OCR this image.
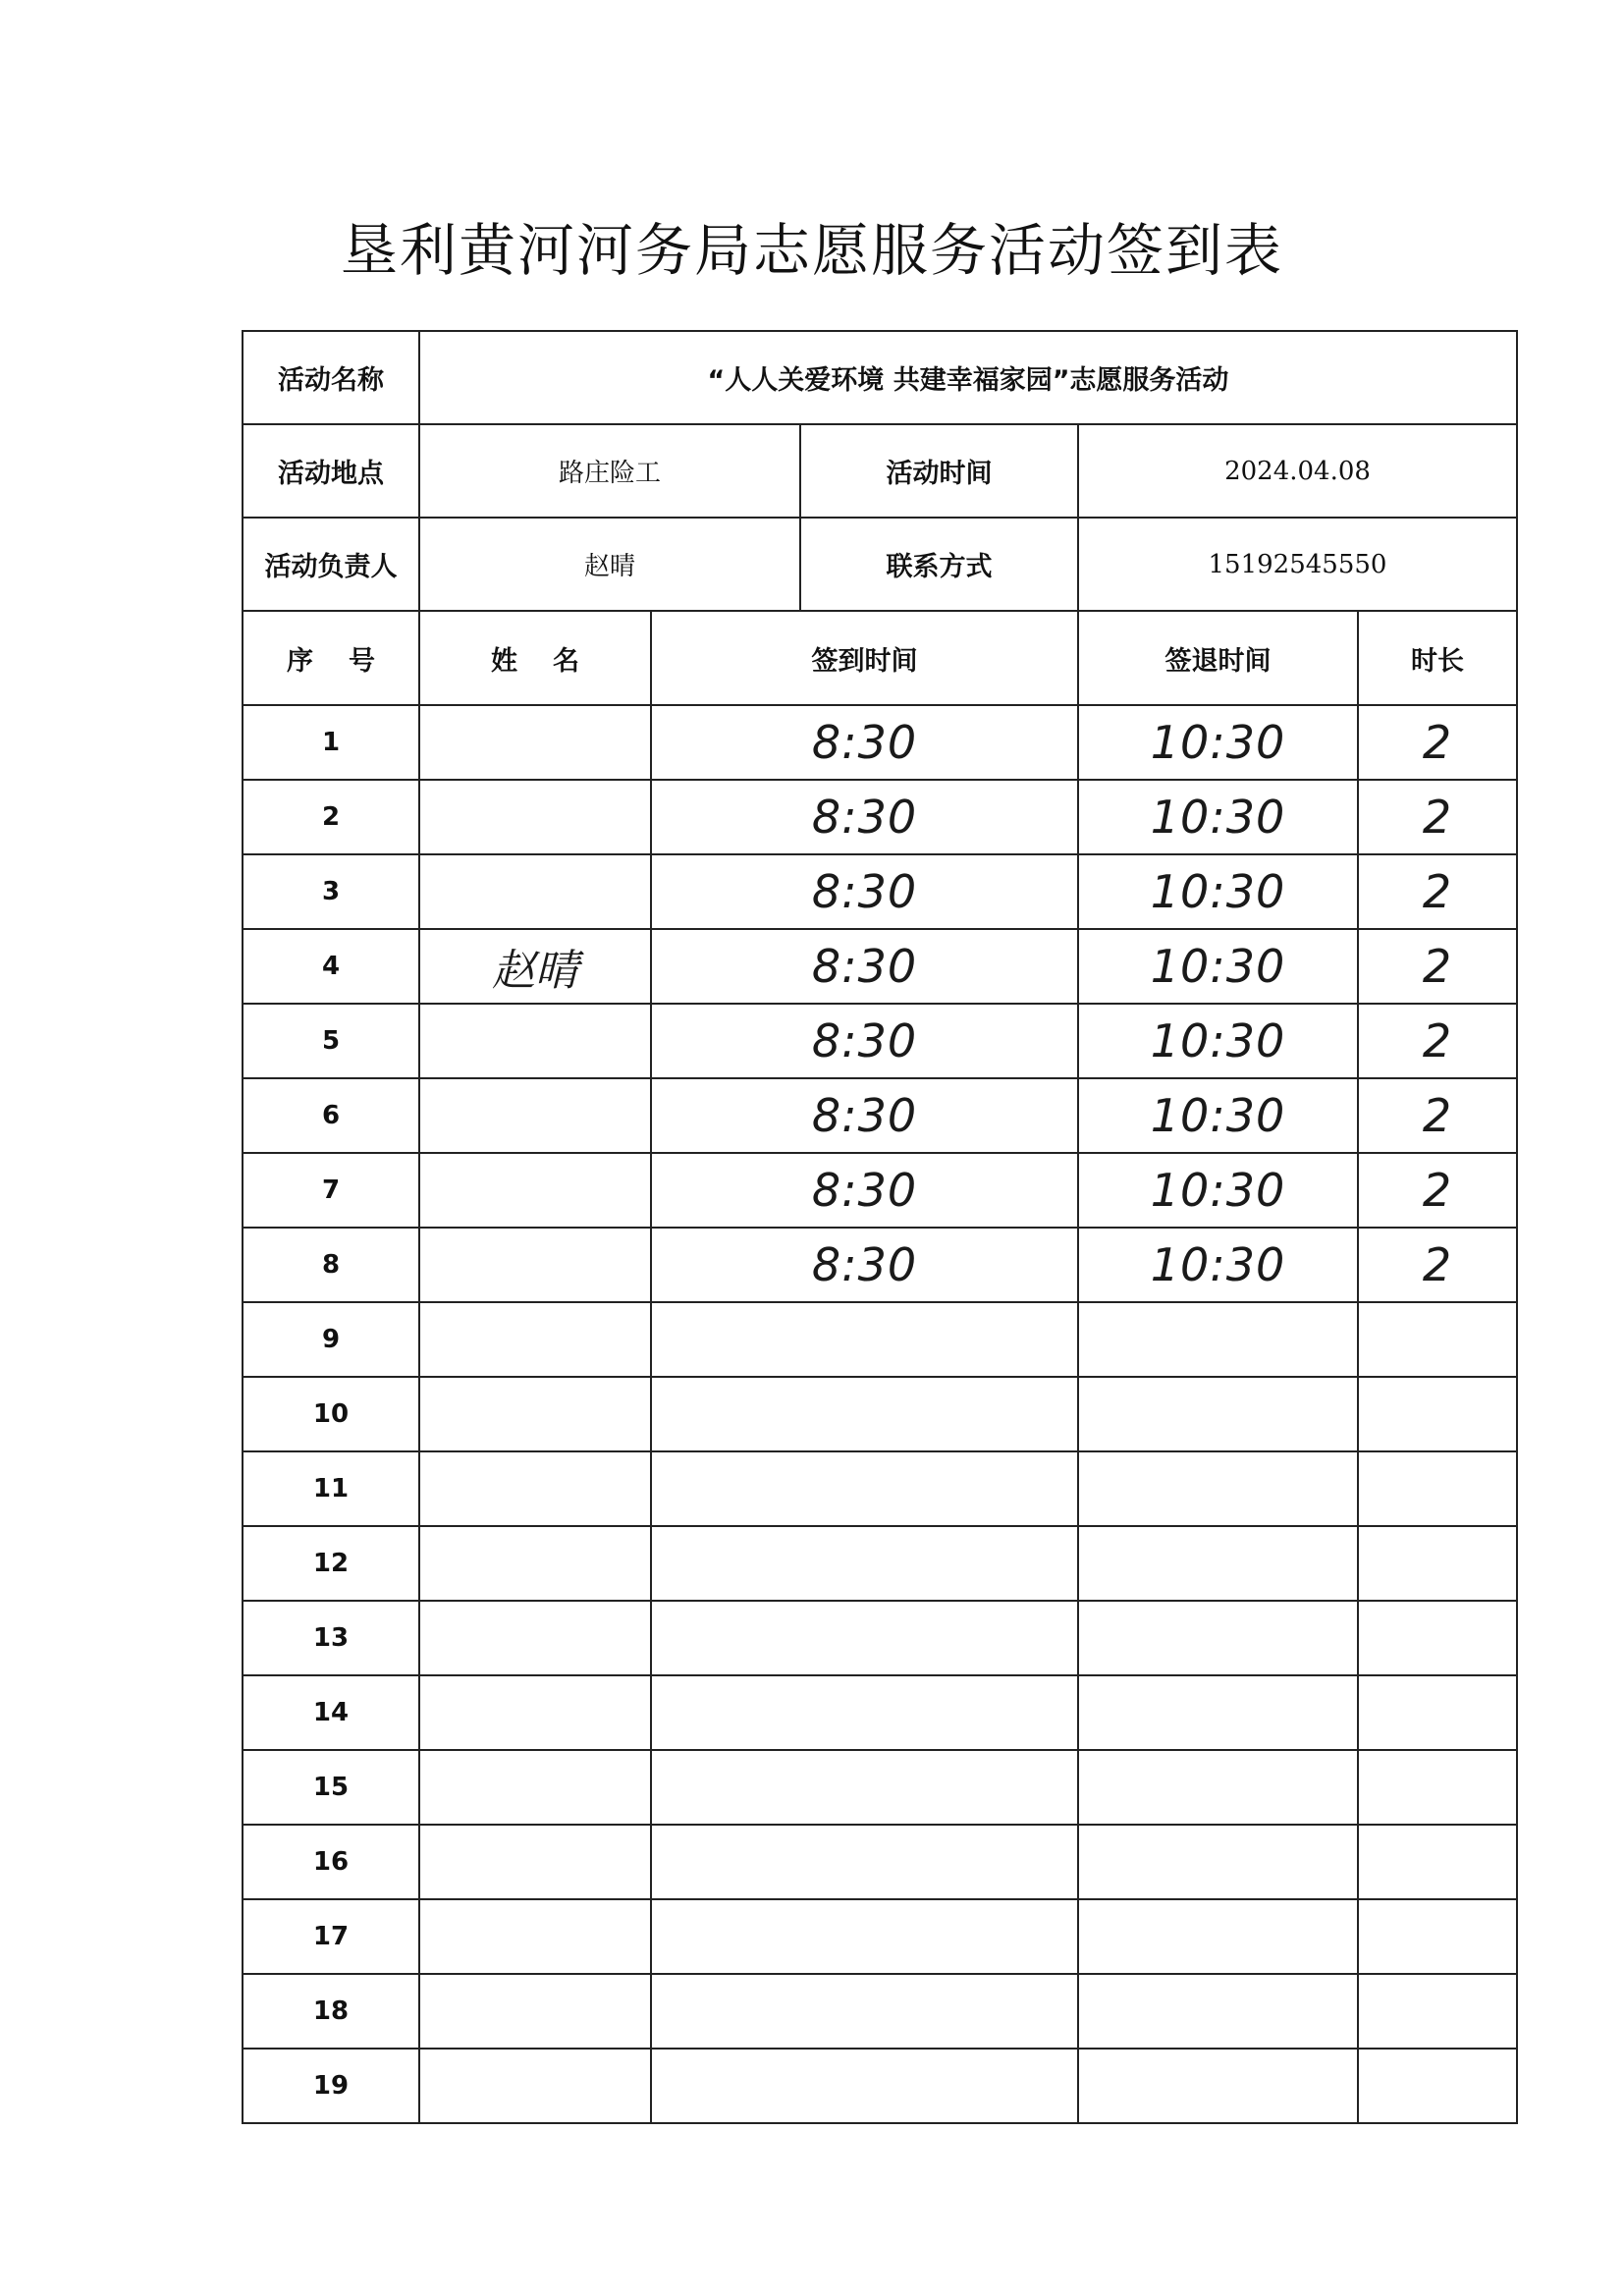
垦利黄河河务局志愿服务活动签到表
活动名称	“人人关爱环境 共建幸福家园”志愿服务活动				
活动地点	路庄险工		活动时间	2024.04.08	
活动负责人	赵晴		联系方式	15192545550	
序 号	姓 名	签到时间		签退时间	时长
1		8:30		10:30	2
2		8:30		10:30	2
3		8:30		10:30	2
4	赵晴	8:30		10:30	2
5		8:30		10:30	2
6		8:30		10:30	2
7		8:30		10:30	2
8		8:30		10:30	2
9					
10					
11					
12					
13					
14					
15					
16					
17					
18					
19					
